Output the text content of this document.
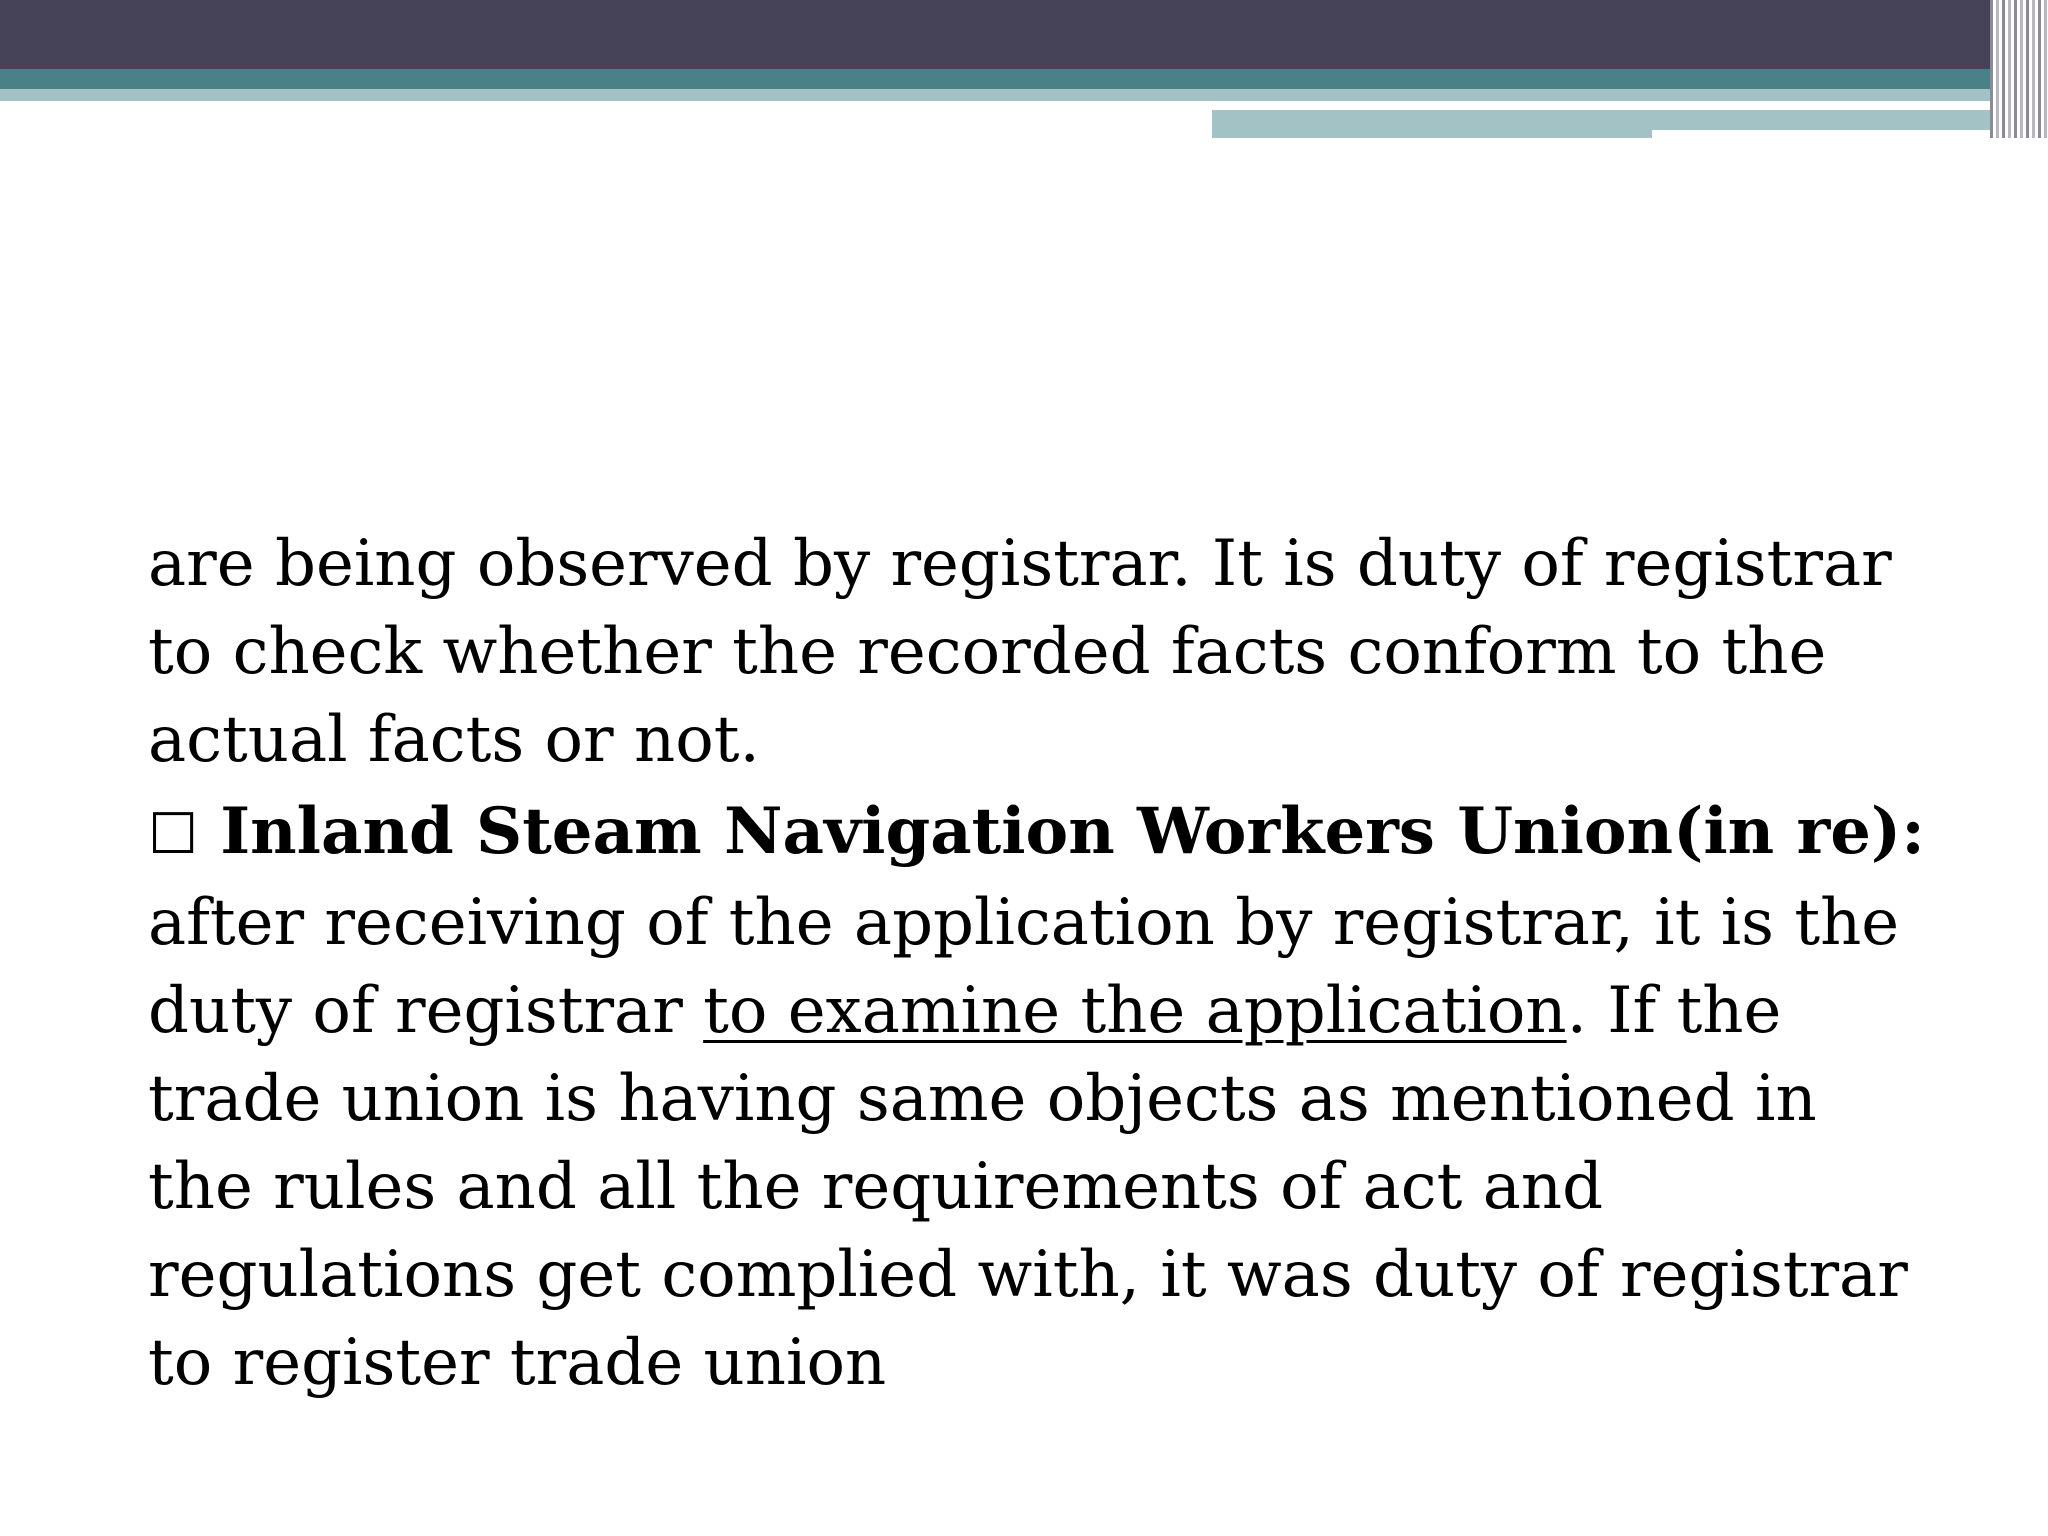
are being observed by registrar. It is duty of registrar to check whether the recorded facts conform to the actual facts or not.

☐ Inland Steam Navigation Workers Union(in re): after receiving of the application by registrar, it is the duty of registrar to examine the application. If the trade union is having same objects as mentioned in the rules and all the requirements of act and regulations get complied with, it was duty of registrar to register trade union
